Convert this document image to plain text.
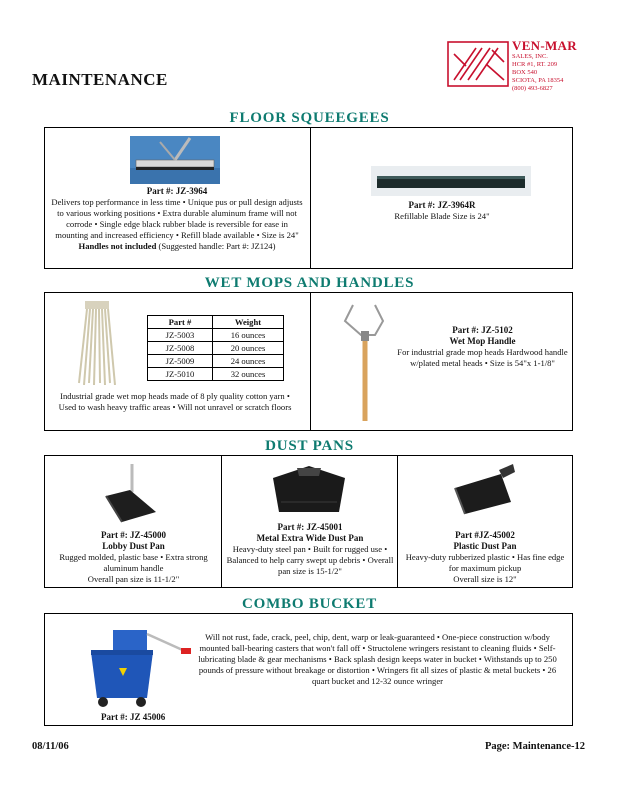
MAINTENANCE
VEN-MAR
SALES, INC.
HCR #1, RT. 209
BOX 540
SCIOTA, PA 18354
(800) 493-6827
FLOOR SQUEEGEES
Part #: JZ-3964
Delivers top performance in less time • Unique pus or pull design adjusts to various working positions • Extra durable aluminum frame will not corrode • Single edge black rubber blade is reversible for ease in mounting and increased efficiency • Refill blade available • Size is 24"
Handles not included (Suggested handle: Part #: JZ124)
Part #: JZ-3964R
Refillable Blade Size is 24"
WET MOPS AND HANDLES
Part #	Weight
JZ-5003	16 ounces
JZ-5008	20 ounces
JZ-5009	24 ounces
JZ-5010	32 ounces
Industrial grade wet mop heads made of 8 ply quality cotton yarn • Used to wash heavy traffic areas • Will not unravel or scratch floors
Part #: JZ-5102
Wet Mop Handle
For industrial grade mop heads Hardwood handle w/plated metal heads • Size is 54"x 1-1/8"
DUST PANS
Part #: JZ-45000
Lobby Dust Pan
Rugged molded, plastic base • Extra strong aluminum handle
Overall pan size is 11-1/2"
Part #: JZ-45001
Metal Extra Wide Dust Pan
Heavy-duty steel pan • Built for rugged use • Balanced to help carry swept up debris • Overall pan size is 15-1/2"
Part #JZ-45002
Plastic Dust Pan
Heavy-duty rubberized plastic • Has fine edge for maximum pickup
Overall size is 12"
COMBO BUCKET
Part #: JZ 45006
Will not rust, fade, crack, peel, chip, dent, warp or leak-guaranteed • One-piece construction w/body mounted ball-bearing casters that won't fall off • Structolene wringers resistant to cleaning fluids • Self-lubricating blade & gear mechanisms • Back splash design keeps water in bucket • Withstands up to 250 pounds of pressure without breakage or distortion • Wringers fit all sizes of plastic & metal buckets • 26 quart bucket and 12-32 ounce wringer
08/11/06	Page: Maintenance-12
